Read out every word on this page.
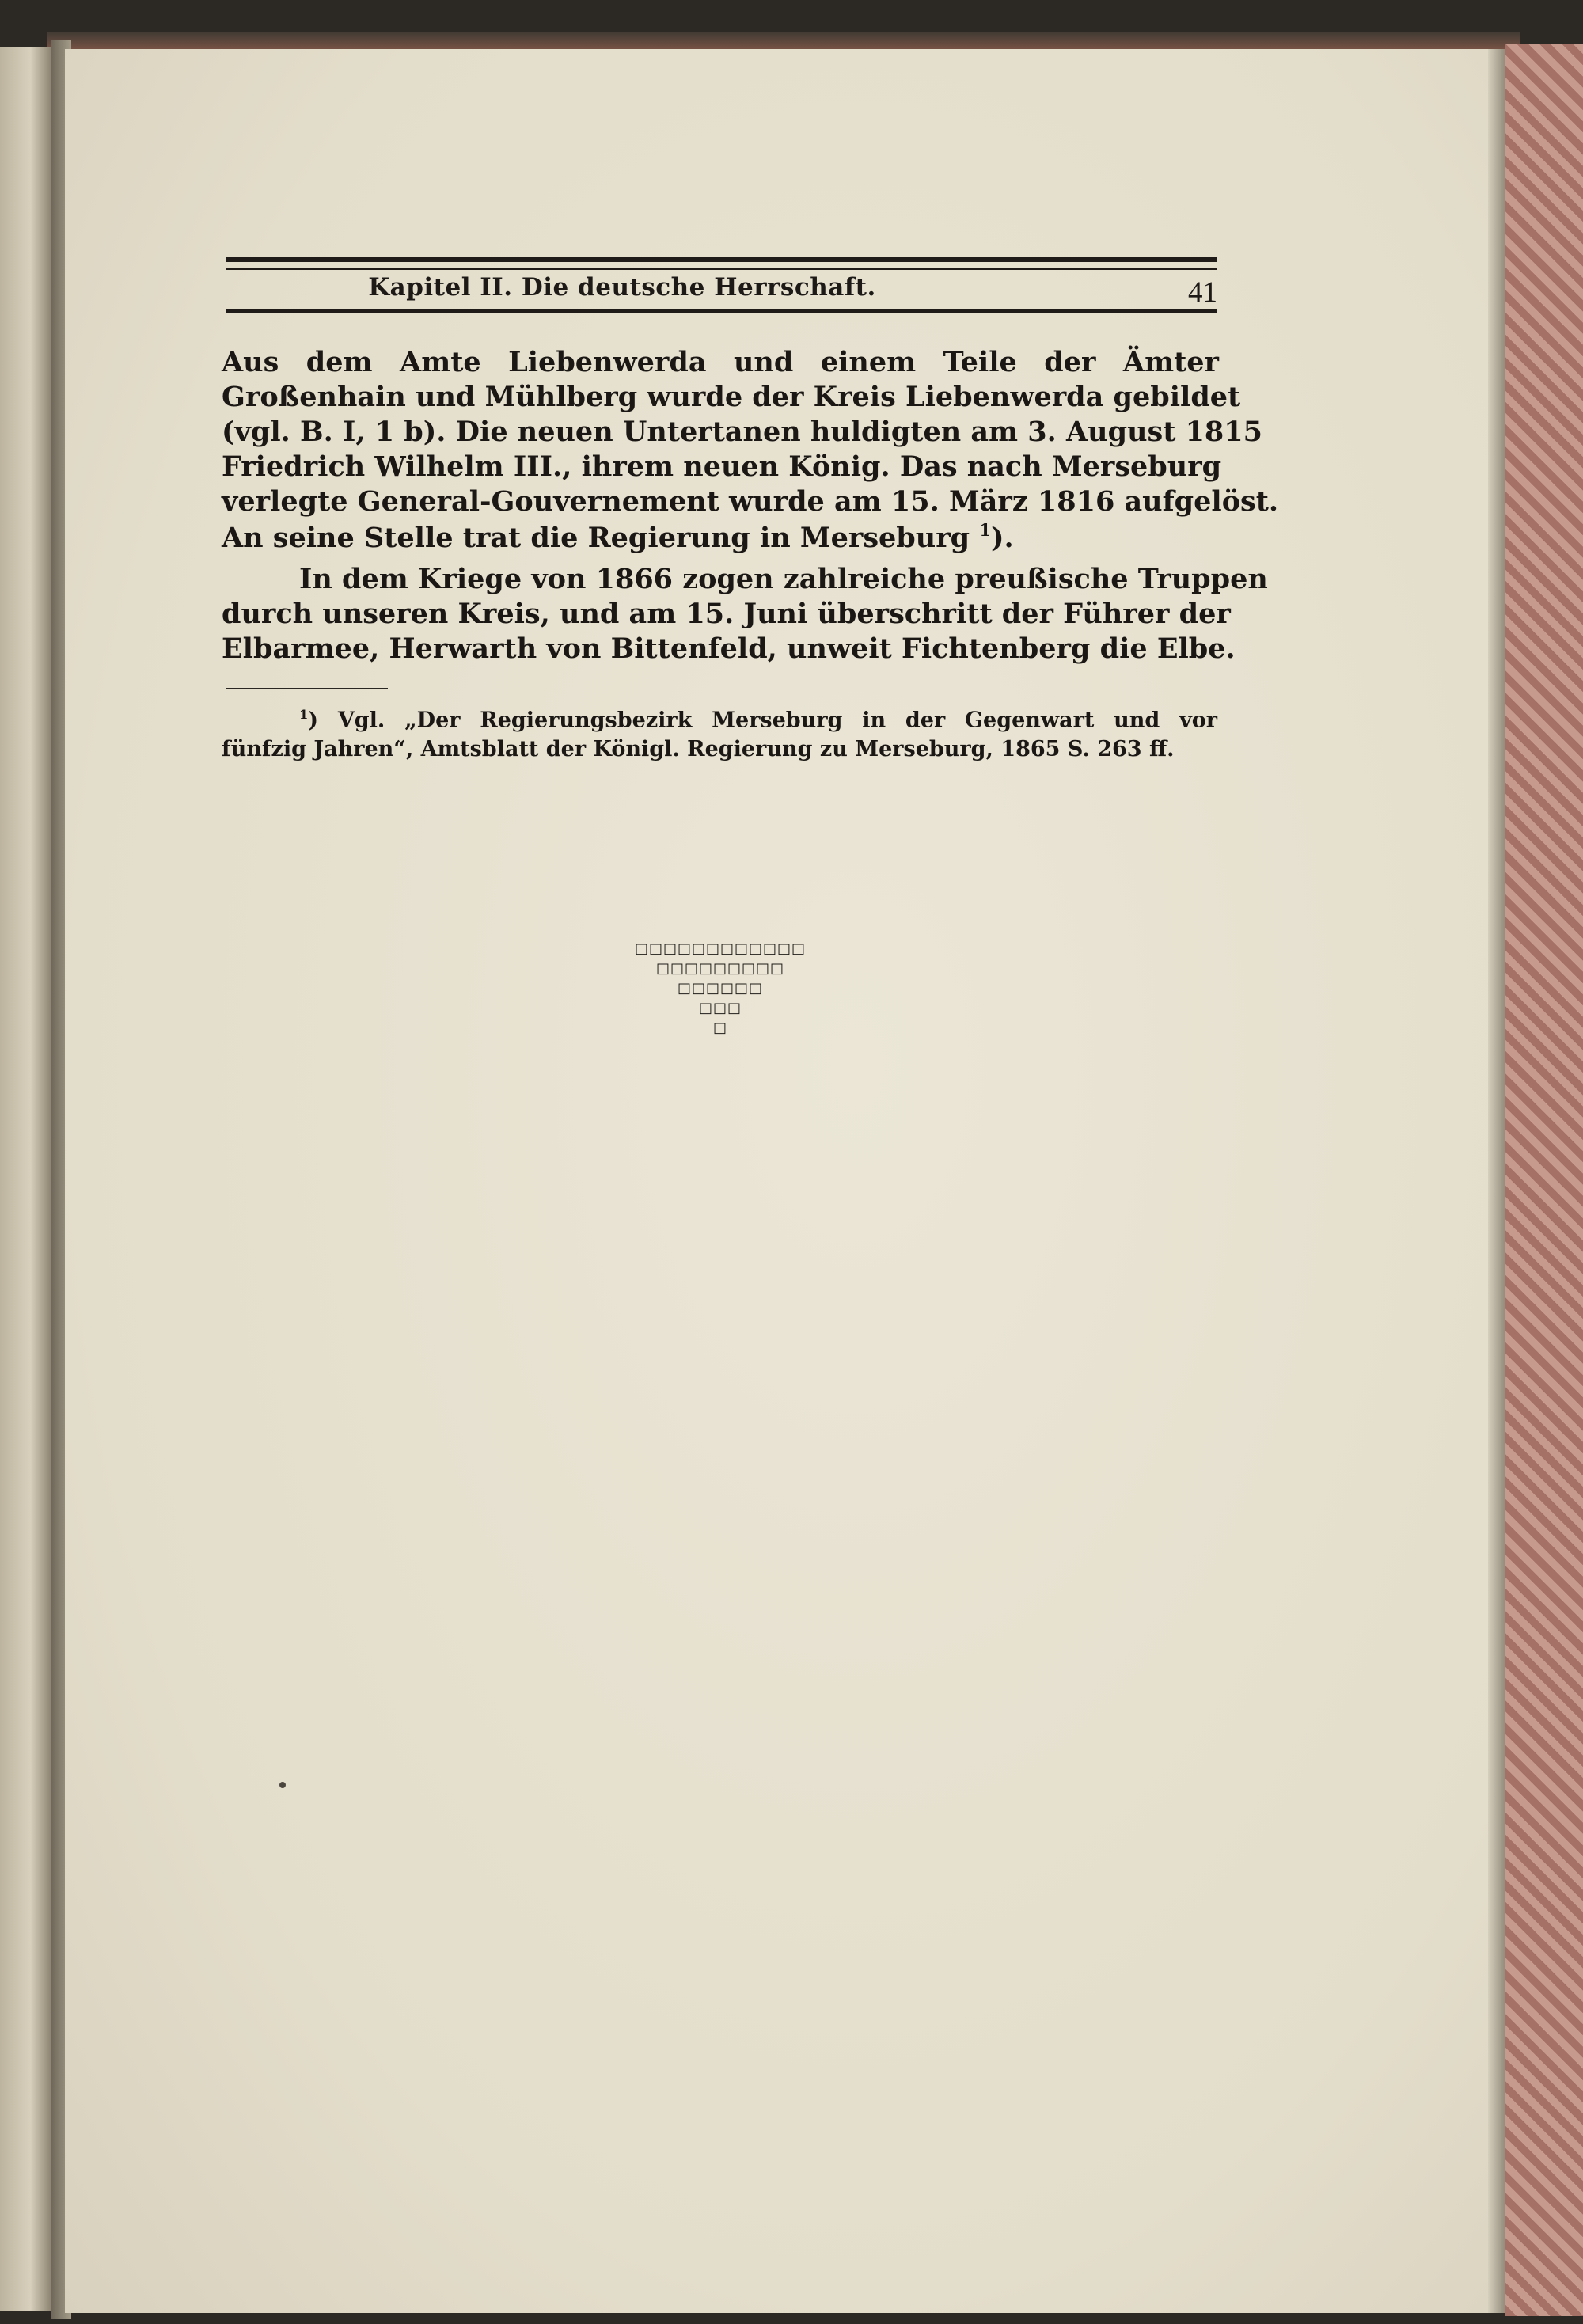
Kapitel II. Die deutsche Herrschaft.	41
Aus dem Amte Liebenwerda und einem Teile der Ämter
Großenhain und Mühlberg wurde der Kreis Liebenwerda gebildet
(vgl. B. I, 1 b). Die neuen Untertanen huldigten am 3. August 1815
Friedrich Wilhelm III., ihrem neuen König. Das nach Merseburg
verlegte General-Gouvernement wurde am 15. März 1816 aufgelöst.
An seine Stelle trat die Regierung in Merseburg $^1$).
In dem Kriege von 1866 zogen zahlreiche preußische Truppen
durch unseren Kreis, und am 15. Juni überschritt der Führer der
Elbarmee, Herwarth von Bittenfeld, unweit Fichtenberg die Elbe.
$^1$) Vgl. „Der Regierungsbezirk Merseburg in der Gegenwart und vor
fünfzig Jahren“, Amtsblatt der Königl. Regierung zu Merseburg, 1865 S. 263 ff.
□□□□□□□□□□□□
□□□□□□□□□
□□□□□□
□□□
□
